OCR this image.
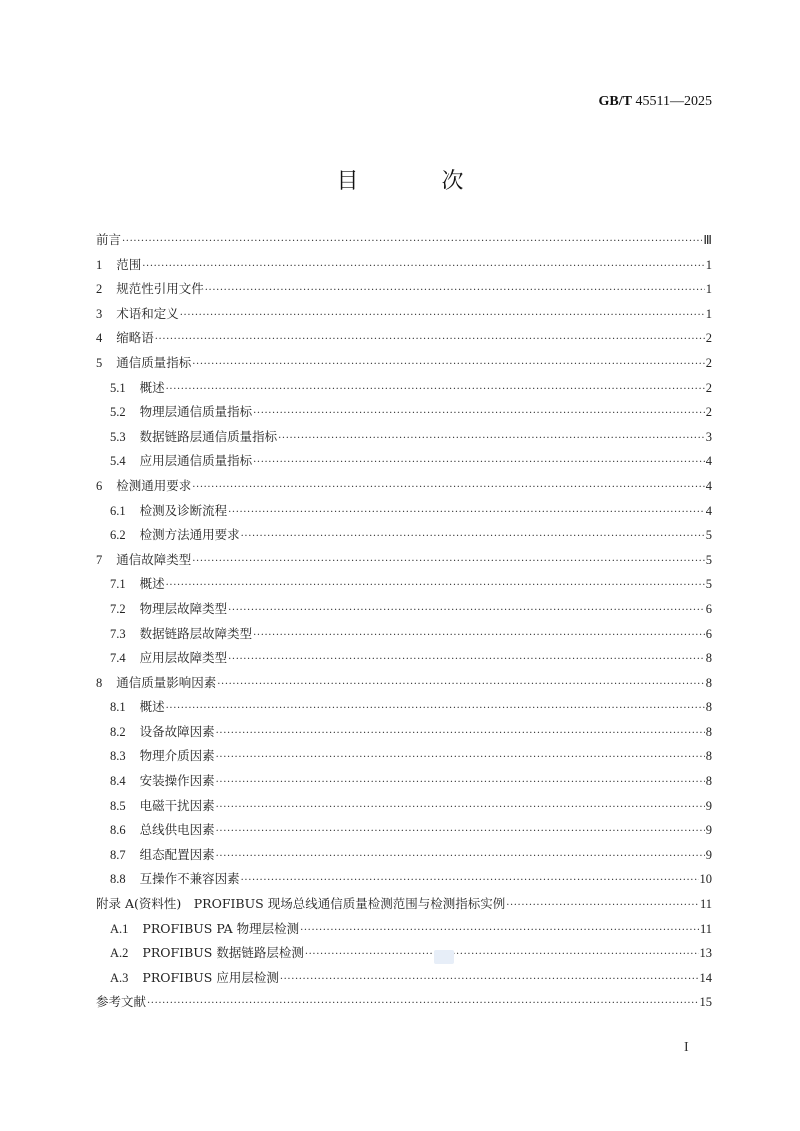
GB/T 45511—2025
目 次
前言 ·····	Ⅲ
1 范围 ·····	1
2 规范性引用文件 ·····	1
3 术语和定义 ·····	1
4 缩略语 ·····	2
5 通信质量指标 ·····	2
5.1 概述 ·····	2
5.2 物理层通信质量指标 ·····	2
5.3 数据链路层通信质量指标 ·····	3
5.4 应用层通信质量指标 ·····	4
6 检测通用要求 ·····	4
6.1 检测及诊断流程 ·····	4
6.2 检测方法通用要求 ·····	5
7 通信故障类型 ·····	5
7.1 概述 ·····	5
7.2 物理层故障类型 ·····	6
7.3 数据链路层故障类型 ·····	6
7.4 应用层故障类型 ·····	8
8 通信质量影响因素 ·····	8
8.1 概述 ·····	8
8.2 设备故障因素 ·····	8
8.3 物理介质因素 ·····	8
8.4 安装操作因素 ·····	8
8.5 电磁干扰因素 ·····	9
8.6 总线供电因素 ·····	9
8.7 组态配置因素 ·····	9
8.8 互操作不兼容因素 ·····	10
附录 A(资料性)　PROFIBUS 现场总线通信质量检测范围与检测指标实例 ·····	11
A.1 PROFIBUS PA 物理层检测 ·····	11
A.2 PROFIBUS 数据链路层检测 ·····	13
A.3 PROFIBUS 应用层检测 ·····	14
参考文献 ·····	15
I
